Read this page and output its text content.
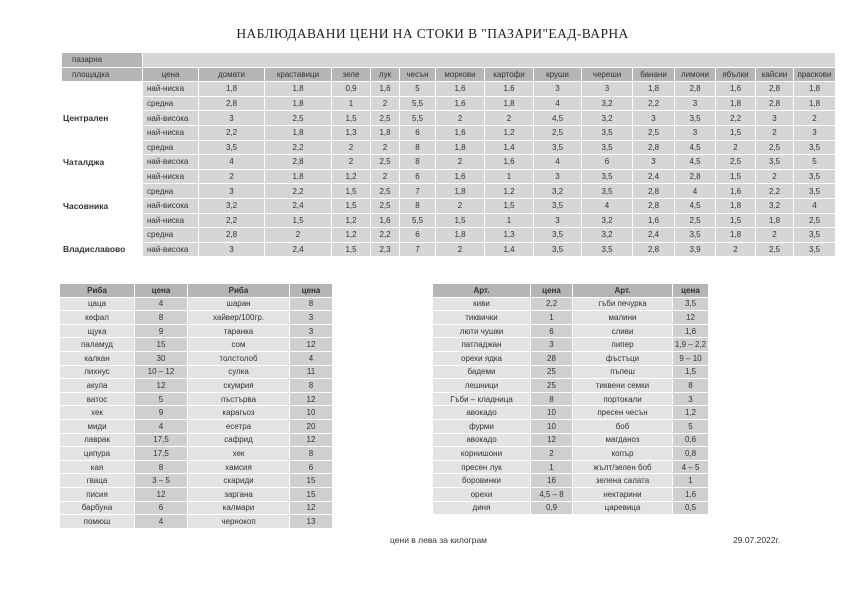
НАБЛЮДАВАНИ ЦЕНИ НА СТОКИ В "ПАЗАРИ"ЕАД-ВАРНА
пазарна															
площадка	цена	домати	краставици	зеле	лук	чесън	моркови	картофи	круши	череши	банани	лимони	ябълки	кайсии	праскови
Централен	най-ниска	1,8	1,8	0,9	1,6	5	1,6	1,6	3	3	1,8	2,8	1,6	2,8	1,8
	средна	2,8	1,8	1	2	5,5	1,6	1,8	4	3,2	2,2	3	1,8	2,8	1,8
	най-висока	3	2,5	1,5	2,5	5,5	2	2	4,5	3,2	3	3,5	2,2	3	2
Чаталджа	най-ниска	2,2	1,8	1,3	1,8	6	1,6	1,2	2,5	3,5	2,5	3	1,5	2	3
	средна	3,5	2,2	2	2	8	1,8	1,4	3,5	3,5	2,8	4,5	2	2,5	3,5
	най-висока	4	2,8	2	2,5	8	2	1,6	4	6	3	4,5	2,5	3,5	5
Часовника	най-ниска	2	1,8	1,2	2	6	1,6	1	3	3,5	2,4	2,8	1,5	2	3,5
	средна	3	2,2	1,5	2,5	7	1,8	1,2	3,2	3,5	2,8	4	1,6	2,2	3,5
	най-висока	3,2	2,4	1,5	2,5	8	2	1,5	3,5	4	2,8	4,5	1,8	3,2	4
Владиславово	най-ниска	2,2	1,5	1,2	1,6	5,5	1,5	1	3	3,2	1,6	2,5	1,5	1,8	2,5
	средна	2,8	2	1,2	2,2	6	1,8	1,3	3,5	3,2	2,4	3,5	1,8	2	3,5
	най-висока	3	2,4	1,5	2,3	7	2	1,4	3,5	3,5	2,8	3,9	2	2,5	3,5
Риба	цена	Риба	цена
цаца	4	шаран	8
кефал	8	хайвер/100гр.	3
щука	9	таранка	3
паламуд	15	сом	12
калкан	30	толстолоб	4
лихнус	10 – 12	сулка	11
акула	12	скумрия	8
ватос	5	пъстърва	12
хек	9	карагьоз	10
миди	4	есетра	20
лаврак	17,5	сафрид	12
ципура	17,5	хек	8
кая	8	хамсия	6
гваца	3 – 5	скариди	15
писия	12	заргана	15
барбуна	6	калмари	12
помюш	4	чернокоп	13
Арт.	цена	Арт.	цена
киви	2,2	гъби печурка	3,5
тиквички	1	малини	12
люти чушки	6	сливи	1,6
патладжан	3	пипер	1,9 – 2,2
орехи ядка	28	фъстъци	9 – 10
бадеми	25	пъпеш	1,5
лешници	25	тиквени семки	8
Гъби – кладница	8	портокали	3
авокадо	10	пресен чесън	1,2
фурми	10	боб	5
авокадо	12	магданоз	0,6
корнишони	2	копър	0,8
пресен лук	1	жълт/зелен боб	4 – 5
боровинки	16	зелена салата	1
орехи	4,5 – 8	нектарини	1,6
диня	0,9	царевица	0,5
цени в лева за килограм	29.07.2022г.
